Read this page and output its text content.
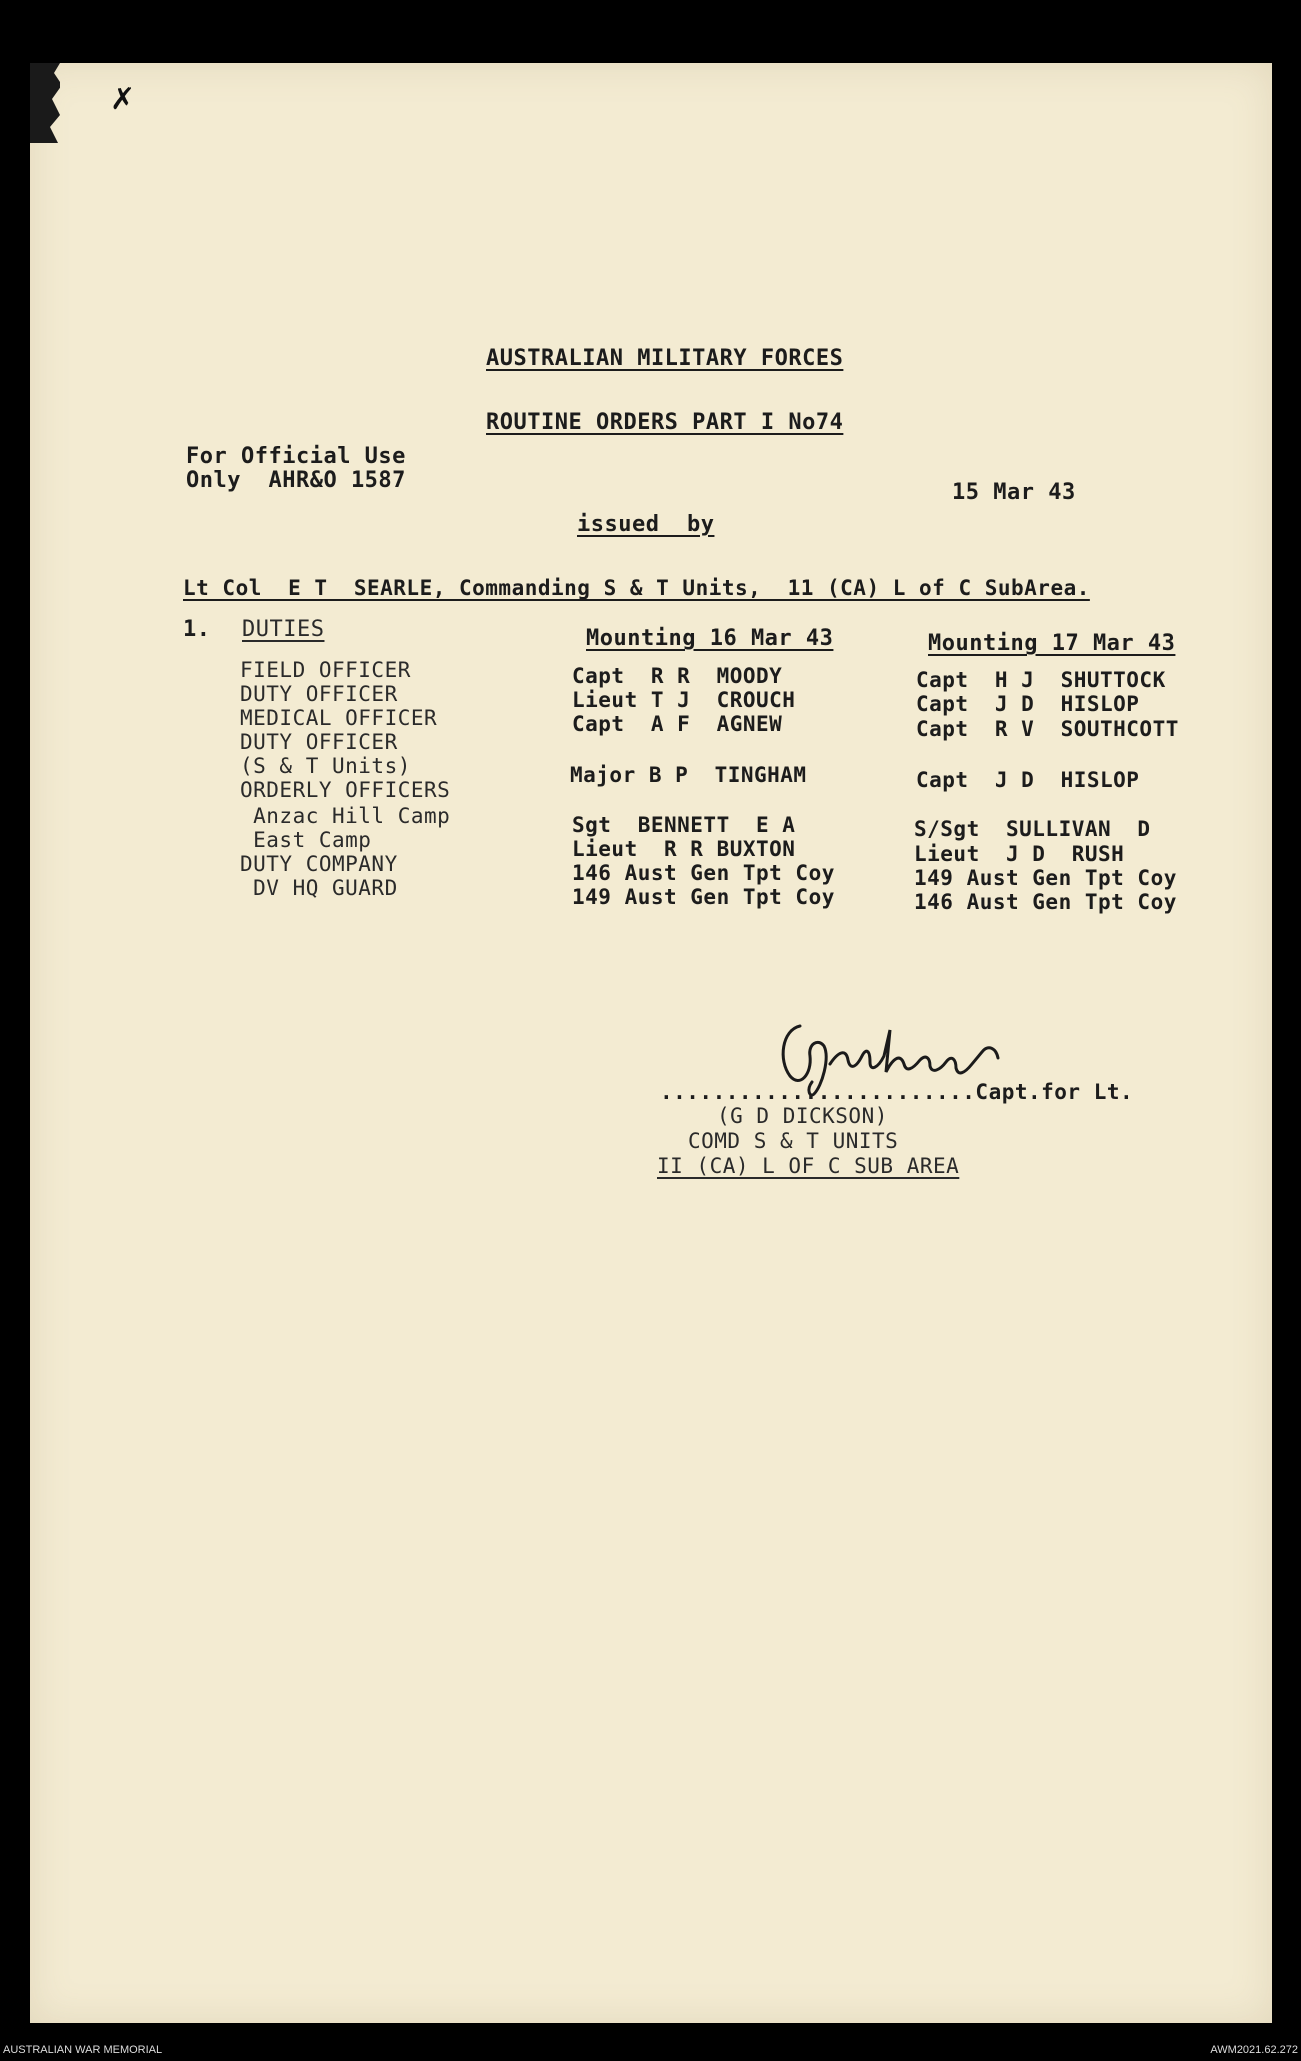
✗
AUSTRALIAN MILITARY FORCES
ROUTINE ORDERS PART I No74
For Official Use
Only  AHR&O 1587	15 Mar 43
issued  by
Lt Col  E T  SEARLE, Commanding S & T Units,  11 (CA) L of C SubArea.
1. DUTIES	Mounting 16 Mar 43	Mounting 17 Mar 43
FIELD OFFICER	Capt  R R  MOODY	Capt  H J  SHUTTOCK
DUTY OFFICER	Lieut T J  CROUCH	Capt  J D  HISLOP
MEDICAL OFFICER	Capt  A F  AGNEW	Capt  R V  SOUTHCOTT
DUTY OFFICER
(S & T Units)	Major B P  TINGHAM	Capt  J D  HISLOP
ORDERLY OFFICERS
Anzac Hill Camp	Sgt  BENNETT  E A	S/Sgt  SULLIVAN  D
East Camp	Lieut  R R BUXTON	Lieut  J D  RUSH
DUTY COMPANY	146 Aust Gen Tpt Coy	149 Aust Gen Tpt Coy
DV HQ GUARD	149 Aust Gen Tpt Coy	146 Aust Gen Tpt Coy
........................Capt.for Lt.
(G D DICKSON)
COMD S & T UNITS
II (CA) L OF C SUB AREA
AUSTRALIAN WAR MEMORIAL	AWM2021.62.272
